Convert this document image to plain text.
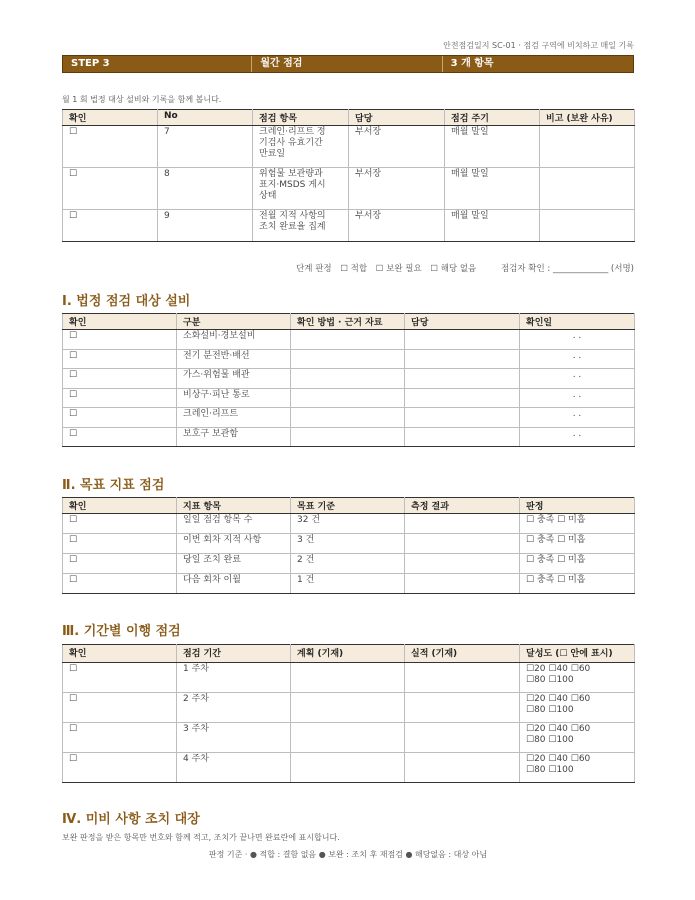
안전점검일지 SC-01 · 점검 구역에 비치하고 매일 기록
STEP 3	월간 점검	3 개 항목
월 1 회 법정 대상 설비와 기록을 함께 봅니다.
확인	No	점검 항목	담당	점검 주기	비고 (보완 사유)
☐	7	크레인·리프트 정
기검사 유효기간
만료일	부서장	매월 말일	
☐	8	위험물 보관량과
표지·MSDS 게시
상태	부서장	매월 말일	
☐	9	전월 지적 사항의
조치 완료율 집계	부서장	매월 말일	
단계 판정 ☐ 적합 ☐ 보완 필요 ☐ 해당 없음	점검자 확인 : _____________ (서명)
Ⅰ. 법정 점검 대상 설비
확인	구분	확인 방법 · 근거 자료	담당	확인일
☐	소화설비·경보설비			. .
☐	전기 분전반·배선			. .
☐	가스·위험물 배관			. .
☐	비상구·피난 통로			. .
☐	크레인·리프트			. .
☐	보호구 보관함			. .
Ⅱ. 목표 지표 점검
확인	지표 항목	목표 기준	측정 결과	판정
☐	일일 점검 항목 수	32 건		☐ 충족 ☐ 미흡
☐	이번 회차 지적 사항	3 건		☐ 충족 ☐ 미흡
☐	당일 조치 완료	2 건		☐ 충족 ☐ 미흡
☐	다음 회차 이월	1 건		☐ 충족 ☐ 미흡
Ⅲ. 기간별 이행 점검
확인	점검 기간	계획 (기재)	실적 (기재)	달성도 (☐ 안에 표시)
☐	1 주차			☐20 ☐40 ☐60
☐80 ☐100

☐	2 주차			☐20 ☐40 ☐60
☐80 ☐100

☐	3 주차			☐20 ☐40 ☐60
☐80 ☐100

☐	4 주차			☐20 ☐40 ☐60
☐80 ☐100
Ⅳ. 미비 사항 조치 대장
보완 판정을 받은 항목만 번호와 함께 적고, 조치가 끝나면 완료란에 표시합니다.
판정 기준 · ● 적합 : 결함 없음 ● 보완 : 조치 후 재점검 ● 해당없음 : 대상 아님
